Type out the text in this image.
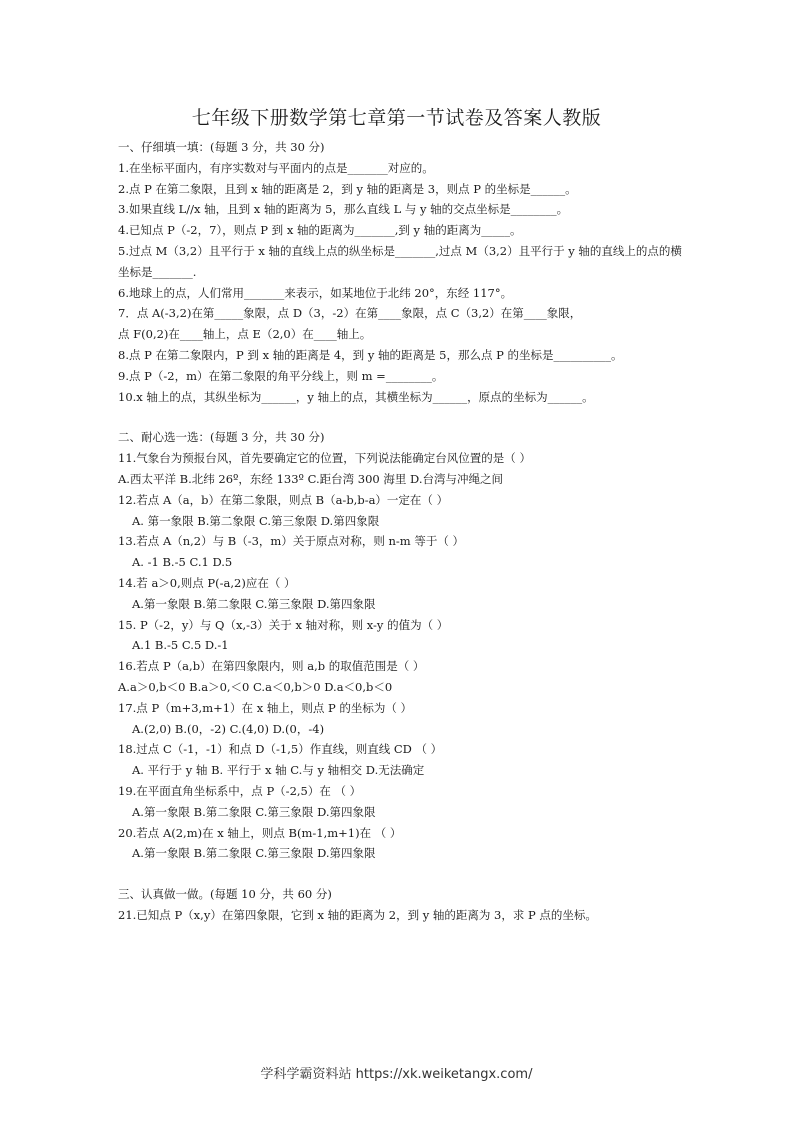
七年级下册数学第七章第一节试卷及答案人教版
一、仔细填一填：(每题 3 分，共 30 分)
1.在坐标平面内，有序实数对与平面内的点是_______对应的。
2.点 P 在第二象限，且到 x 轴的距离是 2，到 y 轴的距离是 3，则点 P 的坐标是______。
3.如果直线 L//x 轴，且到 x 轴的距离为 5，那么直线 L 与 y 轴的交点坐标是________。
4.已知点 P（-2，7），则点 P 到 x 轴的距离为_______,到 y 轴的距离为_____。
5.过点 M（3,2）且平行于 x 轴的直线上点的纵坐标是_______,过点 M（3,2）且平行于 y 轴的直线上的点的横坐标是_______.
6.地球上的点，人们常用_______来表示，如某地位于北纬 20°，东经 117°。
7．点 A(-3,2)在第_____象限，点 D（3，-2）在第____象限，点 C（3,2）在第____象限，
点 F(0,2)在____轴上，点 E（2,0）在____轴上。
8.点 P 在第二象限内，P 到 x 轴的距离是 4，到 y 轴的距离是 5，那么点 P 的坐标是__________。
9.点 P（-2，m）在第二象限的角平分线上，则 m =________。
10.x 轴上的点，其纵坐标为______，y 轴上的点，其横坐标为______，原点的坐标为______。
二、耐心选一选：(每题 3 分，共 30 分)
11.气象台为预报台风，首先要确定它的位置，下列说法能确定台风位置的是（ ）
A.西太平洋 B.北纬 26º，东经 133º C.距台湾 300 海里 D.台湾与冲绳之间
12.若点 A（a，b）在第二象限，则点 B（a-b,b-a）一定在（ ）
A. 第一象限 B.第二象限 C.第三象限 D.第四象限
13.若点 A（n,2）与 B（-3，m）关于原点对称，则 n-m 等于（ ）
A. -1 B.-5 C.1 D.5
14.若 a＞0,则点 P(-a,2)应在（ ）
A.第一象限 B.第二象限 C.第三象限 D.第四象限
15. P（-2，y）与 Q（x,-3）关于 x 轴对称，则 x-y 的值为（ ）
A.1 B.-5 C.5 D.-1
16.若点 P（a,b）在第四象限内，则 a,b 的取值范围是（ ）
A.a＞0,b＜0 B.a＞0,＜0 C.a＜0,b＞0 D.a＜0,b＜0
17.点 P（m+3,m+1）在 x 轴上，则点 P 的坐标为（ ）
A.(2,0) B.(0，-2) C.(4,0) D.(0，-4)
18.过点 C（-1，-1）和点 D（-1,5）作直线，则直线 CD （ ）
A. 平行于 y 轴 B. 平行于 x 轴 C.与 y 轴相交 D.无法确定
19.在平面直角坐标系中，点 P（-2,5）在 （ ）
A.第一象限 B.第二象限 C.第三象限 D.第四象限
20.若点 A(2,m)在 x 轴上，则点 B(m-1,m+1)在 （ ）
A.第一象限 B.第二象限 C.第三象限 D.第四象限
三、认真做一做。(每题 10 分，共 60 分)
21.已知点 P（x,y）在第四象限，它到 x 轴的距离为 2，到 y 轴的距离为 3，求 P 点的坐标。
学科学霸资料站 https://xk.weiketangx.com/
